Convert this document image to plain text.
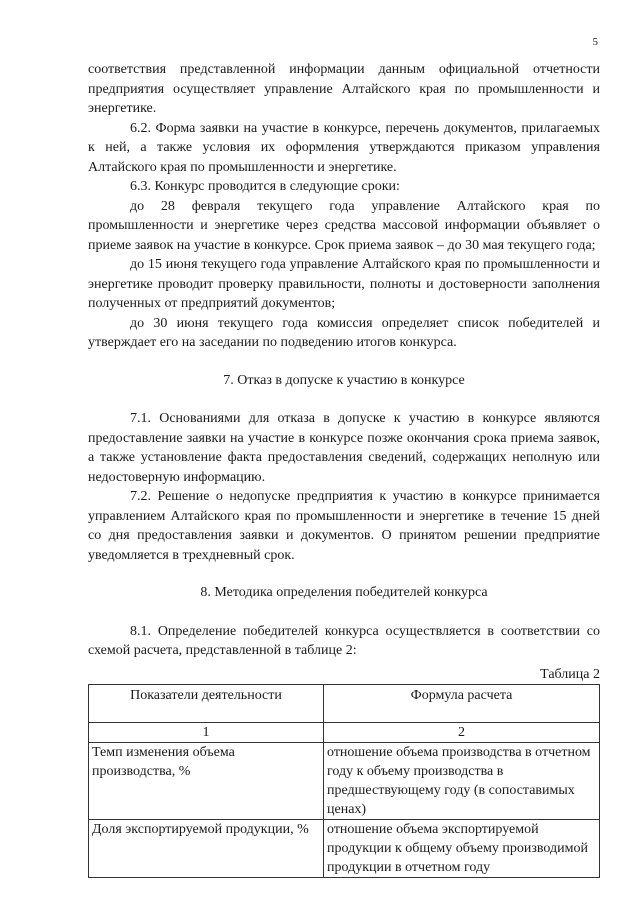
5

соответствия представленной информации данным официальной отчетности предприятия осуществляет управление Алтайского края по промышленности и энергетике.

6.2. Форма заявки на участие в конкурсе, перечень документов, прилагаемых к ней, а также условия их оформления утверждаются приказом управления Алтайского края по промышленности и энергетике.

6.3. Конкурс проводится в следующие сроки:

до 28 февраля текущего года управление Алтайского края по промышленности и энергетике через средства массовой информации объявляет о приеме заявок на участие в конкурсе. Срок приема заявок – до 30 мая текущего года;

до 15 июня текущего года управление Алтайского края по промышленности и энергетике проводит проверку правильности, полноты и достоверности заполнения полученных от предприятий документов;

до 30 июня текущего года комиссия определяет список победителей и утверждает его на заседании по подведению итогов конкурса.

7. Отказ в допуске к участию в конкурсе

7.1. Основаниями для отказа в допуске к участию в конкурсе являются предоставление заявки на участие в конкурсе позже окончания срока приема заявок, а также установление факта предоставления сведений, содержащих неполную или недостоверную информацию.

7.2. Решение о недопуске предприятия к участию в конкурсе принимается управлением Алтайского края по промышленности и энергетике в течение 15 дней со дня предоставления заявки и документов. О принятом решении предприятие уведомляется в трехдневный срок.

8. Методика определения победителей конкурса

8.1. Определение победителей конкурса осуществляется в соответствии со схемой расчета, представленной в таблице 2:

Таблица 2

Показатели деятельности	Формула расчета
1	2
Темп изменения объема производства, %	отношение объема производства в отчетном году к объему производства в предшествующему году (в сопоставимых ценах)
Доля экспортируемой продукции, %	отношение объема экспортируемой продукции к общему объему производимой продукции в отчетном году
